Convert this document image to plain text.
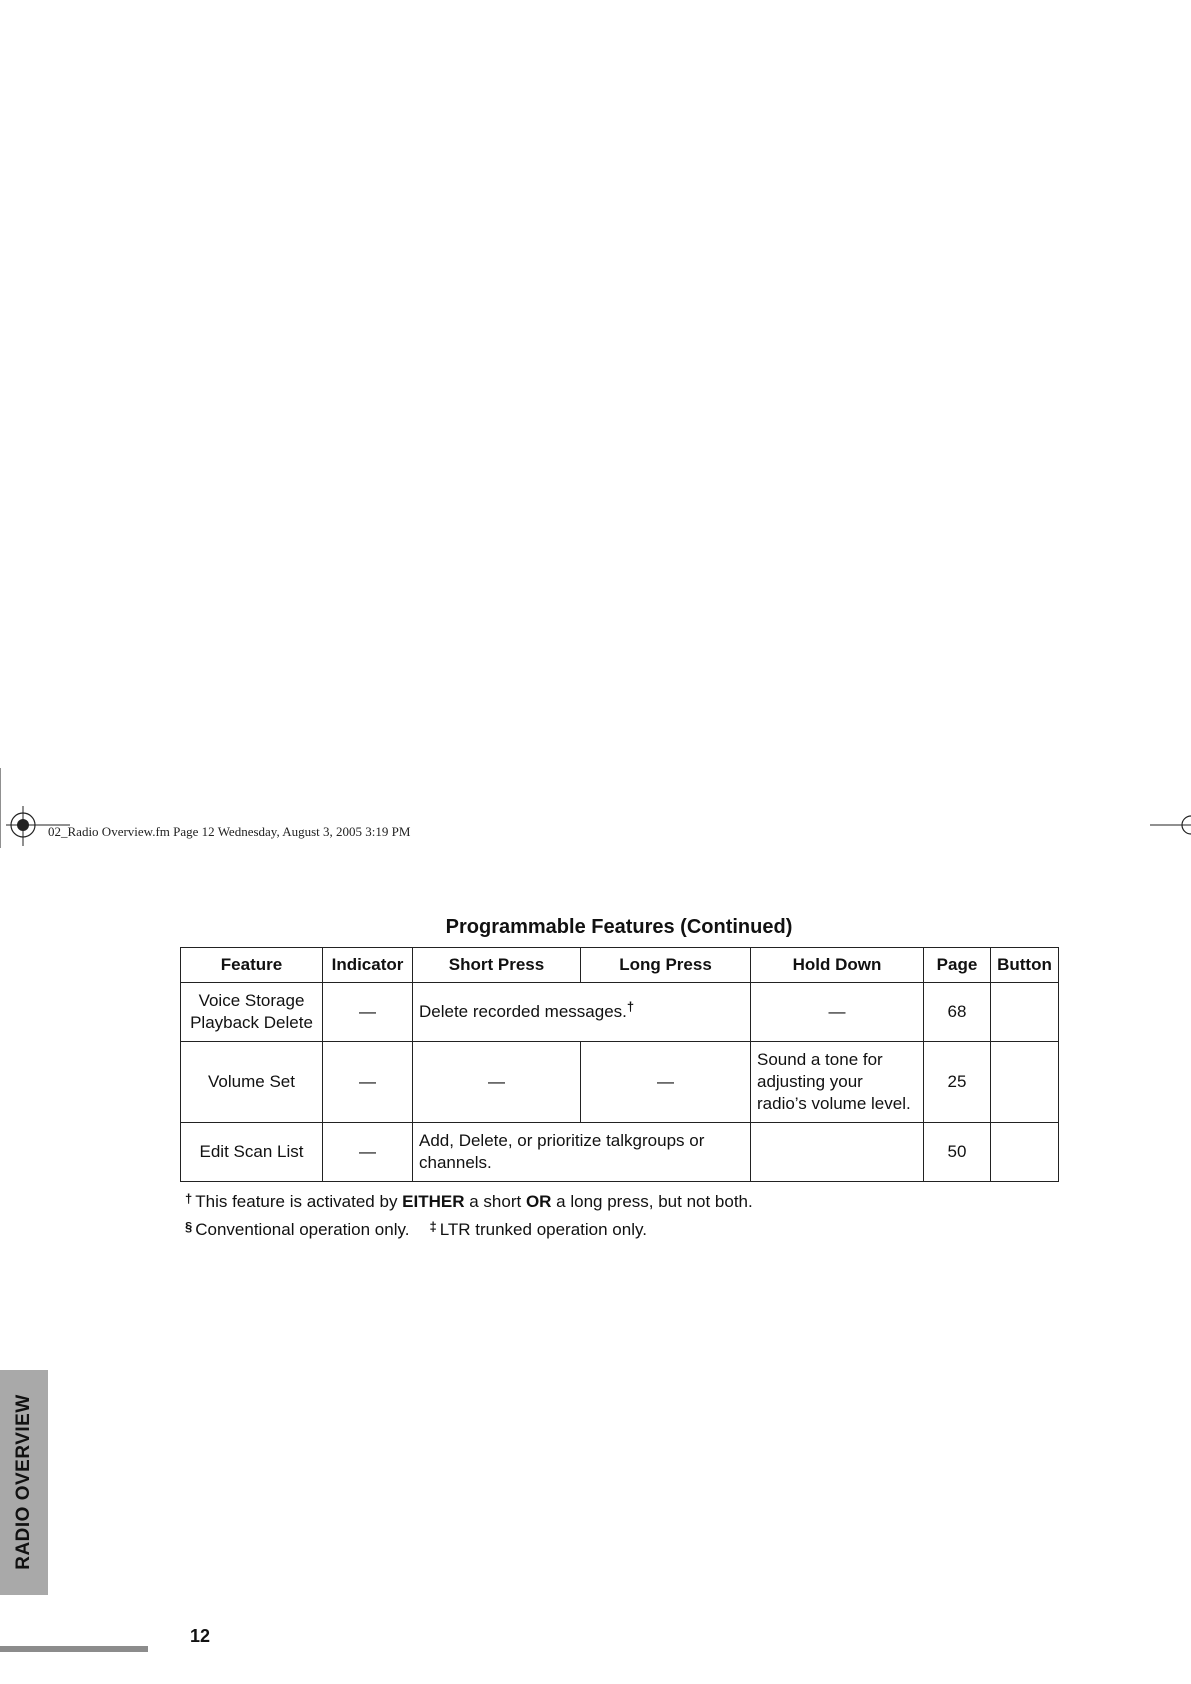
02_Radio Overview.fm Page 12 Wednesday, August 3, 2005 3:19 PM
Programmable Features (Continued)
Feature	Indicator	Short Press	Long Press	Hold Down	Page	Button
Voice Storage Playback Delete	—	Delete recorded messages.†		—	68	
Volume Set	—	—	—	Sound a tone for adjusting your radio’s volume level.	25	
Edit Scan List	—	Add, Delete, or prioritize talkgroups or channels.			50	
† This feature is activated by EITHER a short OR a long press, but not both.
§ Conventional operation only. ‡ LTR trunked operation only.
RADIO OVERVIEW
12
